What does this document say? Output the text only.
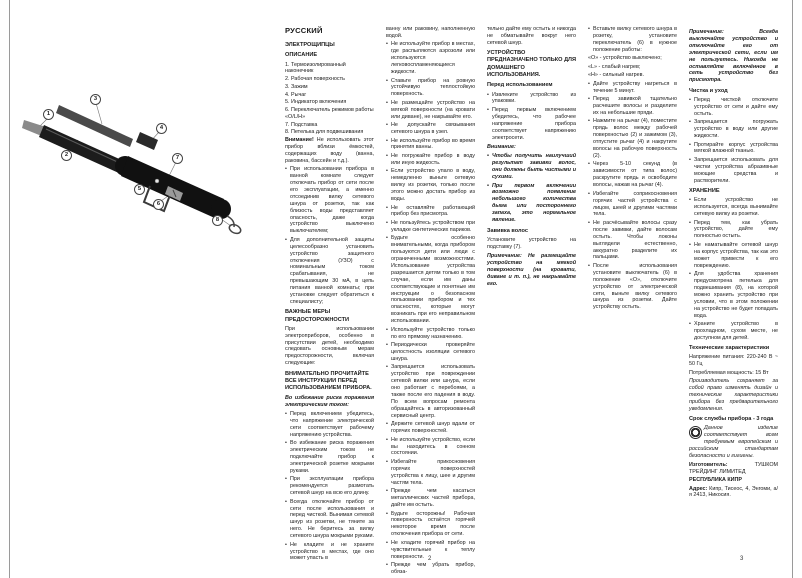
1
2
3
4
5
6
7
8
РУССКИЙ
ЭЛЕКТРОЩИПЦЫ
ОПИСАНИЕ
1. Термоизолированный наконечник
2. Рабочая поверхность
3. Зажим
4. Рычаг
5. Индикатор включения
6. Переключатель режимов работы «O/L/H»
7. Подставка
8. Петелька для подвешивания
Внимание! Не использовать этот прибор вблизи ёмкостей, содержащих воду (ванна, раковина, бассейн и т.д.).
• При использовании прибора в ванной комнате следует отключать прибор от сети после его эксплуатации, а именно отсоединив вилку сетевого шнура от розетки, так как близость воды представляет опасность, даже когда устройство выключено выключателем;
• Для дополнительной защиты целесообразно установить устройство защитного отключения (УЗО) с номинальным током срабатывания, не превышающим 30 мА, в цепь питания ванной комнаты; при установке следует обратиться к специалисту;
ВАЖНЫЕ МЕРЫ ПРЕДОСТОРОЖНОСТИ
При использовании электроприборов, особенно в присутствии детей, необходимо следовать основным мерам предосторожности, включая следующие:
ВНИМАТЕЛЬНО ПРОЧИТАЙТЕ ВСЕ ИНСТРУКЦИИ ПЕРЕД ИСПОЛЬЗОВАНИЕМ ПРИБОРА.
Во избежание риска поражения электрическим током:
• Перед включением убедитесь, что напряжение электрической сети соответствует рабочему напряжению устройства.
• Во избежание риска поражения электрическим током не подключайте прибор к электрической розетке мокрыми руками.
• При эксплуатации прибора рекомендуется размотать сетевой шнур на всю его длину.
• Всегда отключайте прибор от сети после использования и перед чисткой. Вынимая сетевой шнур из розетки, не тяните за него. Не беритесь за вилку сетевого шнура мокрыми руками.
• Не кладите и не храните устройство в местах, где оно может упасть в
ванну или раковину, наполненную водой.
• Не используйте прибор в местах, где распыляются аэрозоли или используются легковоспламеняющиеся жидкости.
• Ставьте прибор на ровную устойчивую теплостойкую поверхность.
• Не размещайте устройство на мягкой поверхности (на кровати или диване), не накрывайте его.
• Не допускайте связывания сетевого шнура в узел.
• Не используйте прибор во время принятия ванны.
• Не погружайте прибор в воду или иную жидкость.
• Если устройство упало в воду, немедленно выньте сетевую вилку из розетки, только после этого можно достать прибор из воды.
• Не оставляйте работающий прибор без присмотра.
• Не пользуйтесь устройством при укладке синтетических париков.
• Будьте особенно внимательными, когда прибором пользуются дети или люди с ограниченными возможностями. Использование устройства разрешается детям только в том случае, если им даны соответствующие и понятные им инструкции о безопасном пользовании прибором и тех опасностях, которые могут возникать при его неправильном использовании.
• Используйте устройство только по его прямому назначению.
• Периодически проверяйте целостность изоляции сетевого шнура.
• Запрещается использовать устройство при повреждении сетевой вилки или шнура, если оно работает с перебоями, а также после его падения в воду. По всем вопросам ремонта обращайтесь в авторизованный сервисный центр.
• Держите сетевой шнур вдали от горячих поверхностей.
• Не используйте устройство, если вы находитесь в сонном состоянии.
• Избегайте прикосновения горячих поверхностей устройства к лицу, шее и другим частям тела.
• Прежде чем касаться металлических частей прибора, дайте им остыть.
• Будьте осторожны! Рабочая поверхность остаётся горячей некоторое время после отключения прибора от сети.
• Не кладите горячий прибор на чувствительные к теплу поверхности.
• Прежде чем убрать прибор, обяза-
тельно дайте ему остыть и никогда не обматывайте вокруг него сетевой шнур.
УСТРОЙСТВО ПРЕДНАЗНАЧЕНО ТОЛЬКО ДЛЯ ДОМАШНЕГО ИСПОЛЬЗОВАНИЯ.
Перед использованием
• Извлеките устройство из упаковки.
• Перед первым включением убедитесь, что рабочее напряжение прибора соответствует напряжению электросети.
Внимание:
• Чтобы получить наилучший результат завивки волос, они должны быть чистыми и сухими.
• При первом включении возможно появление небольшого количества дыма или постороннего запаха, это нормальное явление.
Завивка волос
Установите устройство на подставку (7).
Примечание: Не размещайте устройство на мягкой поверхности (на кровати, диване и т. п.), не накрывайте его.
• Вставьте вилку сетевого шнура в розетку, установите переключатель (6) в нужное положение работы:
«O» - устройство выключено;
«L» - слабый нагрев;
«H» - сильный нагрев.
• Дайте устройству нагреться в течение 5 минут.
• Перед завивкой тщательно расчешите волосы и разделите их на небольшие пряди.
• Нажмите на рычаг (4), поместите прядь волос между рабочей поверхностью (2) и зажимом (3), отпустите рычаг (4) и накрутите волосы на рабочую поверхность (2).
• Через 5-10 секунд (в зависимости от типа волос) раскрутите прядь и освободите волосы, нажав на рычаг (4).
• Избегайте соприкосновения горячих частей устройства с лицом, шеей и другими частями тела.
• Не расчёсывайте волосы сразу после завивки, дайте волосам остыть. Чтобы локоны выглядели естественно, аккуратно разделите их пальцами.
• После использования установите выключатель (6) в положение «O», отключите устройство от электрической сети, выньте вилку сетевого шнура из розетки. Дайте устройству остыть.
Примечание: Всегда выключайте устройство и отключайте его от электрической сети, если им не пользуетесь. Никогда не оставляйте включённое в сеть устройство без присмотра.
Чистка и уход
• Перед чисткой отключите устройство от сети и дайте ему остыть.
• Запрещается погружать устройство в воду или другие жидкости.
• Протирайте корпус устройства мягкой влажной тканью.
• Запрещается использовать для чистки устройства абразивные моющие средства и растворители.
ХРАНЕНИЕ
• Если устройство не используется, всегда вынимайте сетевую вилку из розетки.
• Перед тем, как убрать устройство, дайте ему полностью остыть.
• Не наматывайте сетевой шнур на корпус устройства, так как это может привести к его повреждению.
• Для удобства хранения предусмотрена петелька для подвешивания (8), на которой можно хранить устройство при условии, что в этом положении на устройство не будет попадать вода.
• Храните устройство в прохладном, сухом месте, не доступном для детей.
Технические характеристики
Напряжение питания: 220-240 В ~ 50 Гц
Потребляемая мощность: 15 Вт
Производитель сохраняет за собой право изменять дизайн и технические характеристики прибора без предварительного уведомления.
Срок службы прибора - 3 года
Данное изделие соответствует всем требуемым европейским и российским стандартам безопасности и гигиены.
Изготовитель: ТУШКОМ ТРЕЙДИНГ ЛИМИТЕД
РЕСПУБЛИКА КИПР
Адрес: Кипр, Тисеос, 4, Энгоми, а/я 2413, Никосия.
2	3
